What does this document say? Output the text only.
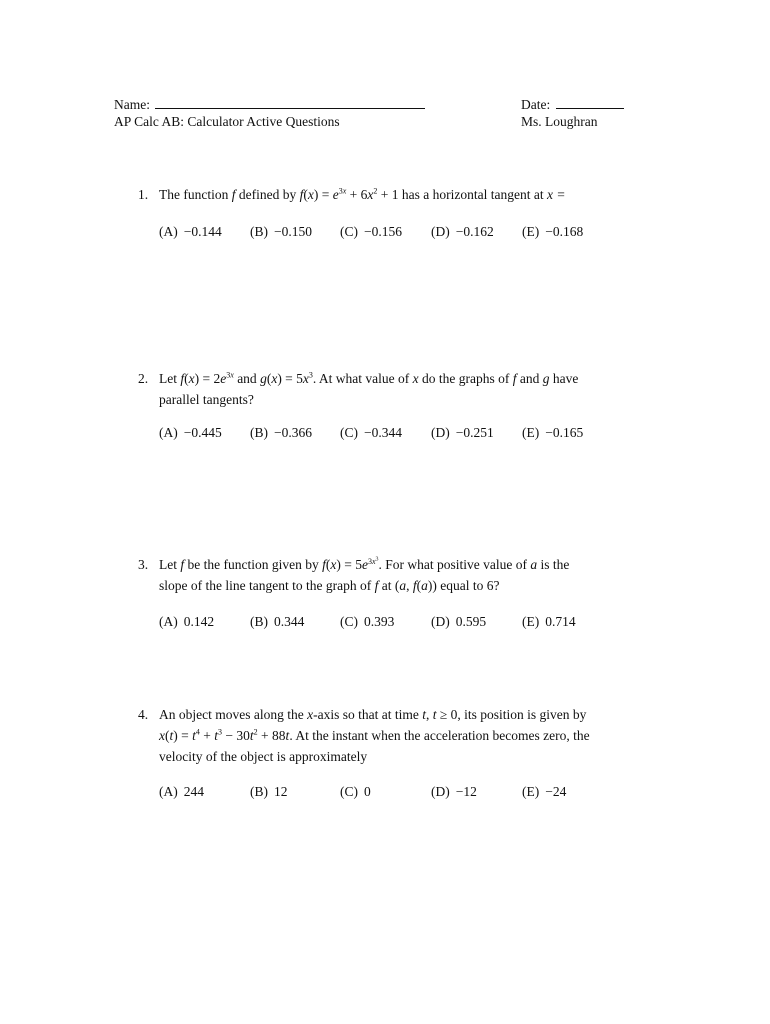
Name:	Date:
AP Calc AB: Calculator Active Questions	Ms. Loughran
1. The function f defined by $f(x) = e^{3x} + 6x^2 + 1$ has a horizontal tangent at x =
(A) −0.144 (B) −0.150 (C) −0.156 (D) −0.162 (E) −0.168
2. Let $f(x) = 2e^{3x}$ and $g(x) = 5x^3$. At what value of x do the graphs of f and g have
parallel tangents?
(A) −0.445 (B) −0.366 (C) −0.344 (D) −0.251 (E) −0.165
3. Let f be the function given by $f(x) = 5e^{3x^3}$. For what positive value of a is the
slope of the line tangent to the graph of f at (a, f(a)) equal to 6?
(A) 0.142	(B) 0.344	(C) 0.393	(D) 0.595	(E) 0.714
4. An object moves along the x-axis so that at time t, t ≥ 0, its position is given by
$x(t) = t^4 + t^3 - 30t^2 + 88t$. At the instant when the acceleration becomes zero, the
velocity of the object is approximately
(A) 244	(B) 12	(C) 0	(D) −12	(E) −24
